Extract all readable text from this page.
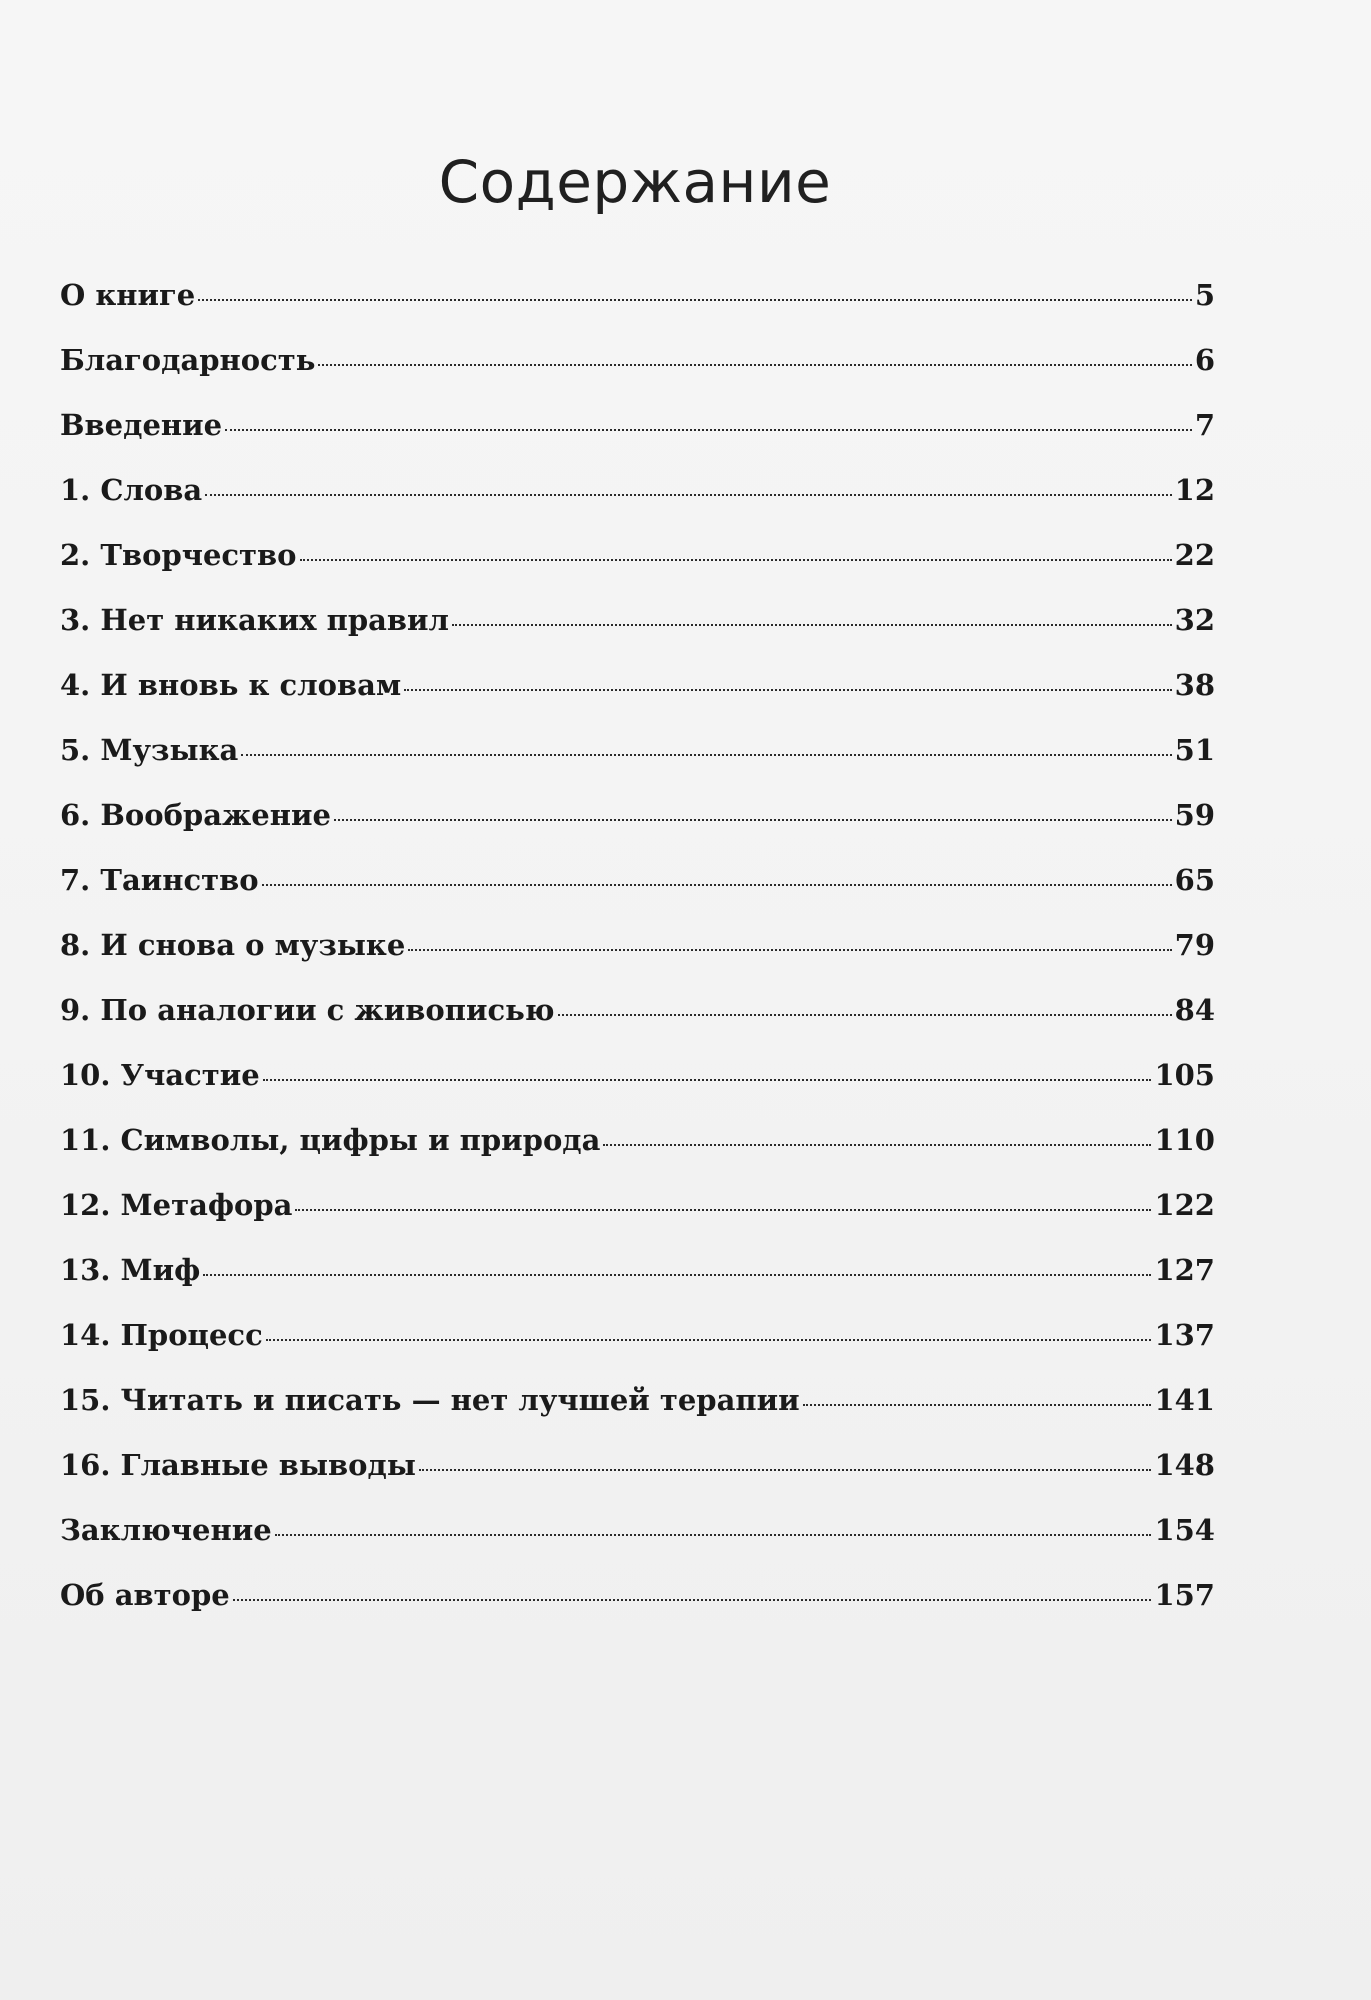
Содержание
О книге	5
Благодарность	6
Введение	7
1. Слова	12
2. Творчество	22
3. Нет никаких правил	32
4. И вновь к словам	38
5. Музыка	51
6. Воображение	59
7. Таинство	65
8. И снова о музыке	79
9. По аналогии с живописью	84
10. Участие	105
11. Символы, цифры и природа	110
12. Метафора	122
13. Миф	127
14. Процесс	137
15. Читать и писать — нет лучшей терапии	141
16. Главные выводы	148
Заключение	154
Об авторе	157
